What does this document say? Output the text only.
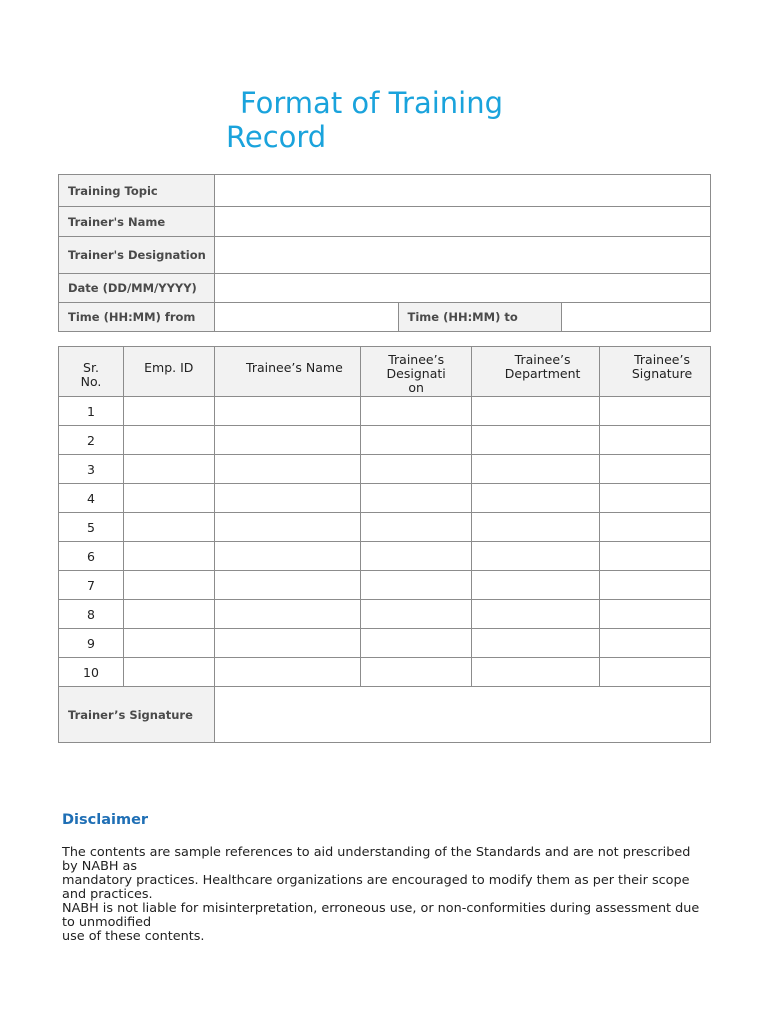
Format of Training
Record
Training Topic			
Trainer's Name			
Trainer's Designation			
Date (DD/MM/YYYY)			
Time (HH:MM) from		Time (HH:MM) to	
Sr. No.	Emp. ID	Trainee’s Name	Trainee’s Designati on	Trainee’s Department	Trainee’s Signature
1					
2					
3					
4					
5					
6					
7					
8					
9					
10					
Trainer’s Signature					
Disclaimer
The contents are sample references to aid understanding of the Standards and are not prescribed
by NABH as
mandatory practices. Healthcare organizations are encouraged to modify them as per their scope
and practices.
NABH is not liable for misinterpretation, erroneous use, or non-conformities during assessment due
to unmodified
use of these contents.
